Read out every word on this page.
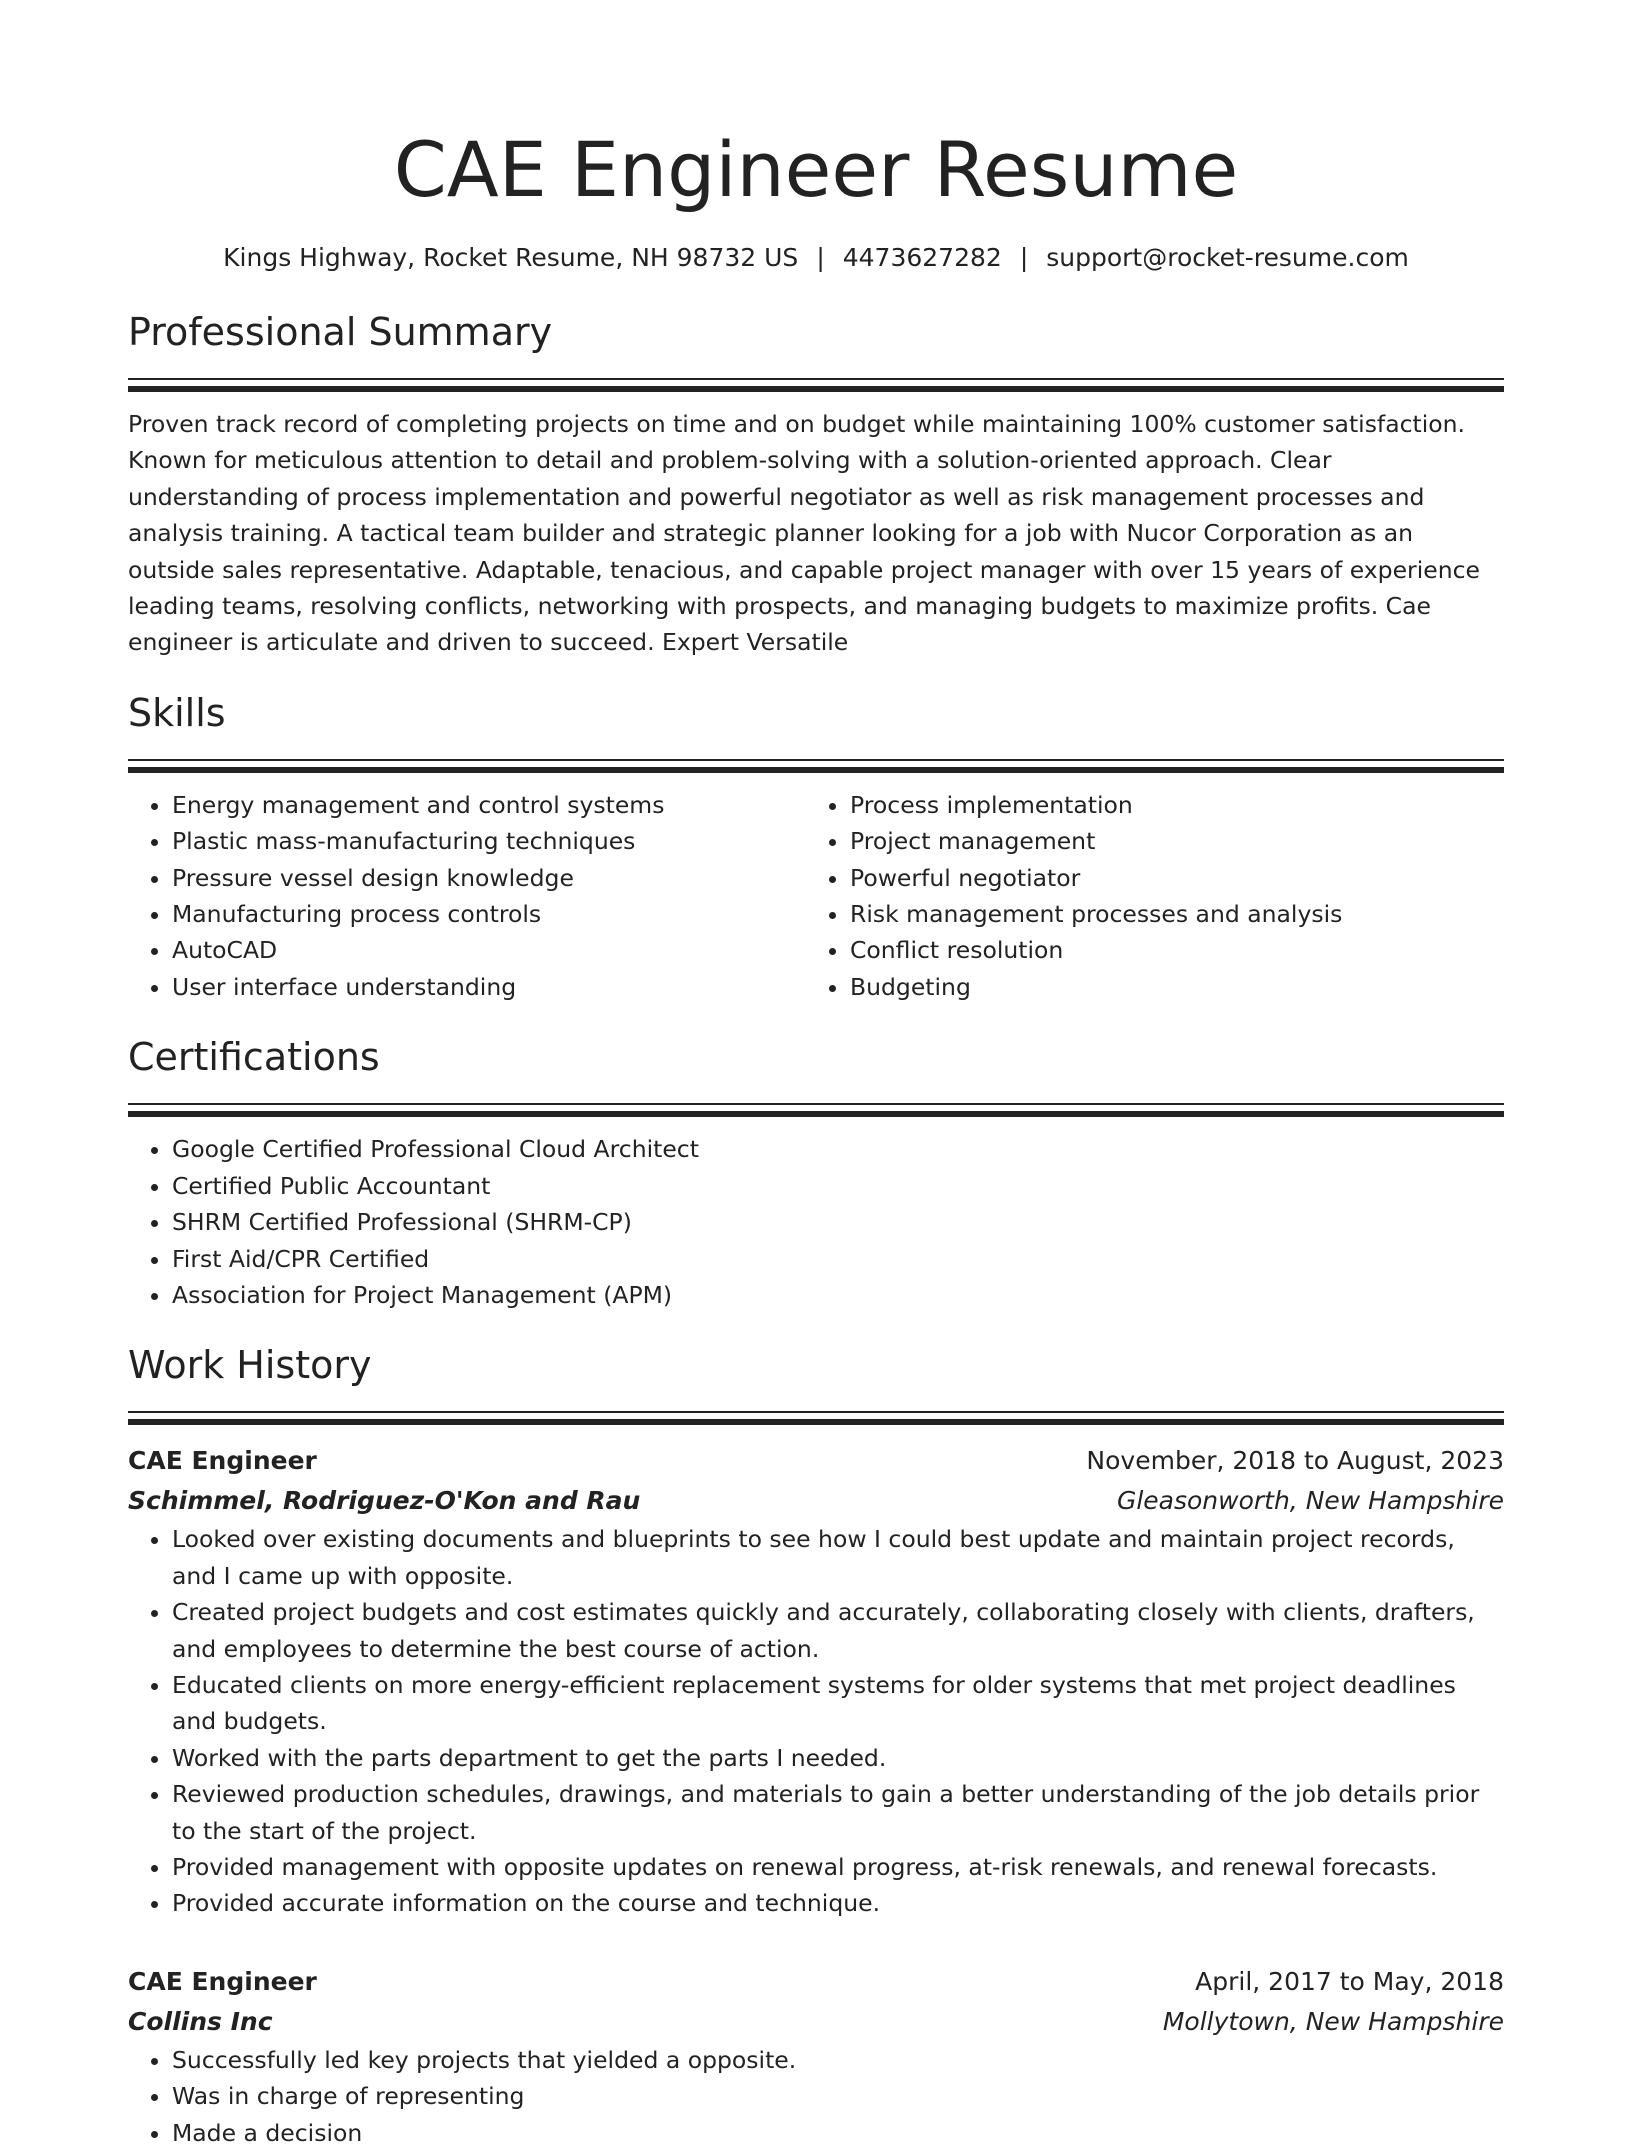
CAE Engineer Resume
Kings Highway, Rocket Resume, NH 98732 US | 4473627282 | support@rocket-resume.com
Professional Summary

Proven track record of completing projects on time and on budget while maintaining 100% customer satisfaction. Known for meticulous attention to detail and problem-solving with a solution-oriented approach. Clear understanding of process implementation and powerful negotiator as well as risk management processes and analysis training. A tactical team builder and strategic planner looking for a job with Nucor Corporation as an outside sales representative. Adaptable, tenacious, and capable project manager with over 15 years of experience leading teams, resolving conflicts, networking with prospects, and managing budgets to maximize profits. Cae engineer is articulate and driven to succeed. Expert Versatile

Skills
• Energy management and control systems
• Plastic mass-manufacturing techniques
• Pressure vessel design knowledge
• Manufacturing process controls
• AutoCAD
• User interface understanding
• Process implementation
• Project management
• Powerful negotiator
• Risk management processes and analysis
• Conflict resolution
• Budgeting
Certifications
• Google Certified Professional Cloud Architect
• Certified Public Accountant
• SHRM Certified Professional (SHRM-CP)
• First Aid/CPR Certified
• Association for Project Management (APM)
Work History
CAE Engineer	November, 2018 to August, 2023
Schimmel, Rodriguez-O'Kon and Rau	Gleasonworth, New Hampshire
• Looked over existing documents and blueprints to see how I could best update and maintain project records, and I came up with opposite.
• Created project budgets and cost estimates quickly and accurately, collaborating closely with clients, drafters, and employees to determine the best course of action.
• Educated clients on more energy-efficient replacement systems for older systems that met project deadlines and budgets.
• Worked with the parts department to get the parts I needed.
• Reviewed production schedules, drawings, and materials to gain a better understanding of the job details prior to the start of the project.
• Provided management with opposite updates on renewal progress, at-risk renewals, and renewal forecasts.
• Provided accurate information on the course and technique.
CAE Engineer	April, 2017 to May, 2018
Collins Inc	Mollytown, New Hampshire
• Successfully led key projects that yielded a opposite.
• Was in charge of representing
• Made a decision
